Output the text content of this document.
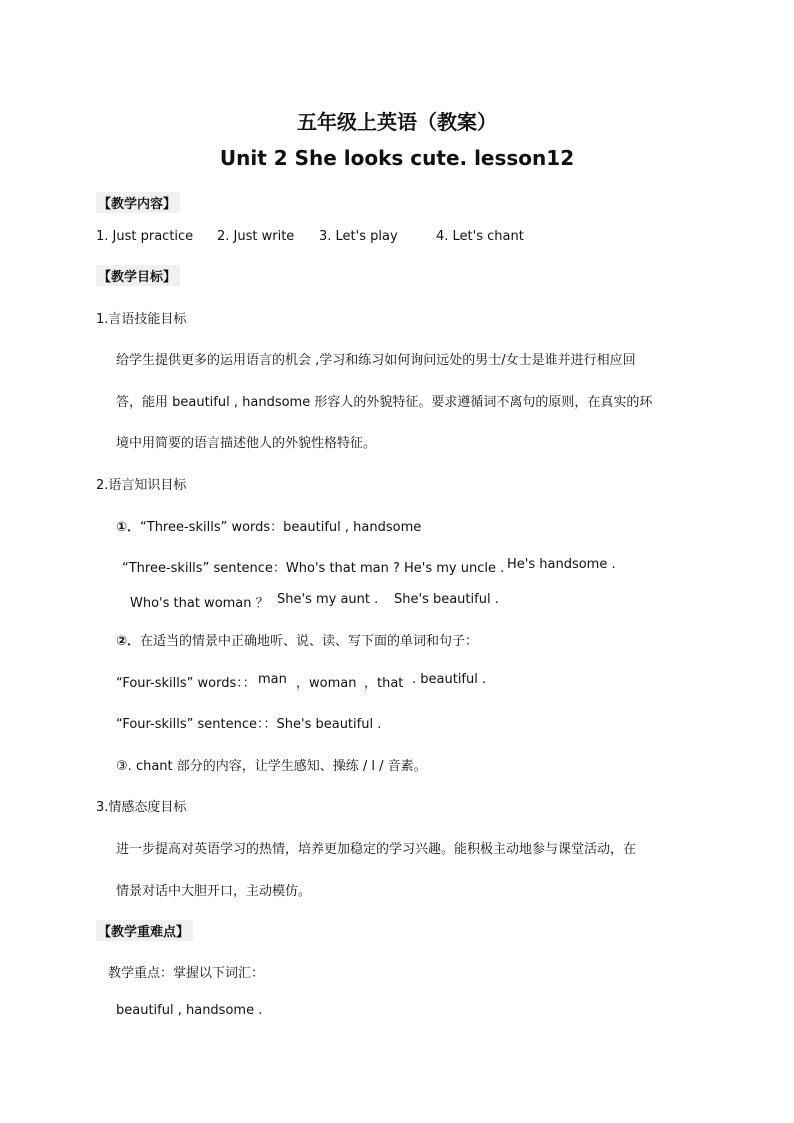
五年级上英语（教案）
Unit 2 She looks cute. lesson12
【教学内容】
1. Just practice 2. Just write 3. Let's play	4. Let's chant
【教学目标】
1.言语技能目标
给学生提供更多的运用语言的机会 ,学习和练习如何询问远处的男士/女士是谁并进行相应回
答，能用 beautiful , handsome 形容人的外貌特征。要求遵循词不离句的原则，在真实的环
境中用简要的语言描述他人的外貌性格特征。
2.语言知识目标
①．“Three-skills” words：beautiful , handsome
“Three-skills” sentence：Who's that man ? He's my uncle . He's handsome .
Who's that woman ？ She's my aunt . She's beautiful .
②．在适当的情景中正确地听、说、读、写下面的单词和句子：
“Four-skills” words：： man ，woman ，that . beautiful .
“Four-skills” sentence：：She's beautiful .
③. chant 部分的内容，让学生感知、操练 / l / 音素。
3.情感态度目标
进一步提高对英语学习的热情，培养更加稳定的学习兴趣。能积极主动地参与课堂活动，在
情景对话中大胆开口，主动模仿。
【教学重难点】
教学重点：掌握以下词汇：
beautiful , handsome .
